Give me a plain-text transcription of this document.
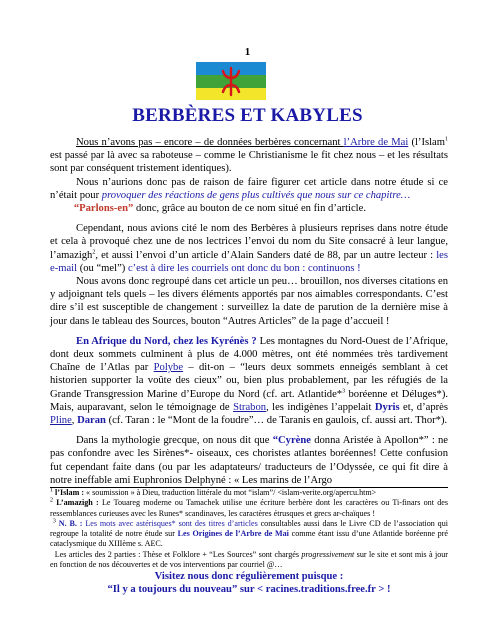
1
BERBÈRES ET KABYLES

Nous n’avons pas – encore – de données berbères concernant l’Arbre de Mai (l’Islam$^1$ est passé par là avec sa raboteuse – comme le Christianisme le fit chez nous – et les résultats sont par conséquent tristement identiques).

Nous n’aurions donc pas de raison de faire figurer cet article dans notre étude si ce n’était pour provoquer des réactions de gens plus cultivés que nous sur ce chapitre…
“Parlons-en” donc, grâce au bouton de ce nom situé en fin d’article.

Cependant, nous avions cité le nom des Berbères à plusieurs reprises dans notre étude et cela à provoqué chez une de nos lectrices l’envoi du nom du Site consacré à leur langue, l’amazigh$^2$, et aussi l’envoi d’un article d’Alain Sanders daté de 88, par un autre lecteur : les e-mail (ou “mel”) c’est à dire les courriels ont donc du bon : continuons !

Nous avons donc regroupé dans cet article un peu… brouillon, nos diverses citations en y adjoignant tels quels – les divers éléments apportés par nos aimables correspondants. C’est dire s’il est susceptible de changement : surveillez la date de parution de la dernière mise à jour dans le tableau des Sources, bouton “Autres Articles” de la page d’accueil !

En Afrique du Nord, chez les Kyrénès ? Les montagnes du Nord-Ouest de l’Afrique, dont deux sommets culminent à plus de 4.000 mètres, ont été nommées très tardivement Chaîne de l’Atlas par Polybe – dit-on – “leurs deux sommets enneigés semblant à cet historien supporter la voûte des cieux” ou, bien plus probablement, par les réfugiés de la Grande Transgression Marine d’Europe du Nord (cf. art. Atlantide*$^3$ boréenne et Déluges*). Mais, auparavant, selon le témoignage de Strabon, les indigènes l’appelait Dyris et, d’après Pline, Daran (cf. Taran : le “Mont de la foudre”… de Taranis en gaulois, cf. aussi art. Thor*).

Dans la mythologie grecque, on nous dit que “Cyrène donna Aristée à Apollon*” : ne pas confondre avec les Sirènes*- oiseaux, ces choristes atlantes boréennes! Cette confusion fut cependant faite dans (ou par les adaptateurs/ traducteurs de l’Odyssée, ce qui fit dire à notre ineffable ami Euphronios Delphyné : « Les marins de l’Argo

$^1$ l’Islam : « soumission » à Dieu, traduction littérale du mot “islam”/ <islam-verite.org/apercu.htm>

$^2$ L’amazigh : Le Touareg moderne ou Tamachek utilise une écriture berbère dont les caractères ou Ti-finars ont des ressemblances curieuses avec les Runes* scandinaves, les caractères étrusques et grecs ar-chaïques !

$^3$ N. B. : Les mots avec astérisques* sont des titres d’articles consultables aussi dans le Livre CD de l’association qui regroupe la totalité de notre étude sur Les Origines de l’Arbre de Mai comme étant issu d’une Atlantide boréenne pré cataclysmique du XIIIème s. AEC.

Les articles des 2 parties : Thèse et Folklore + “Les Sources” sont chargés progressivement sur le site et sont mis à jour en fonction de nos découvertes et de vos interventions par courriel @…

Visitez nous donc régulièrement puisque :

“Il y a toujours du nouveau” sur < racines.traditions.free.fr > !
